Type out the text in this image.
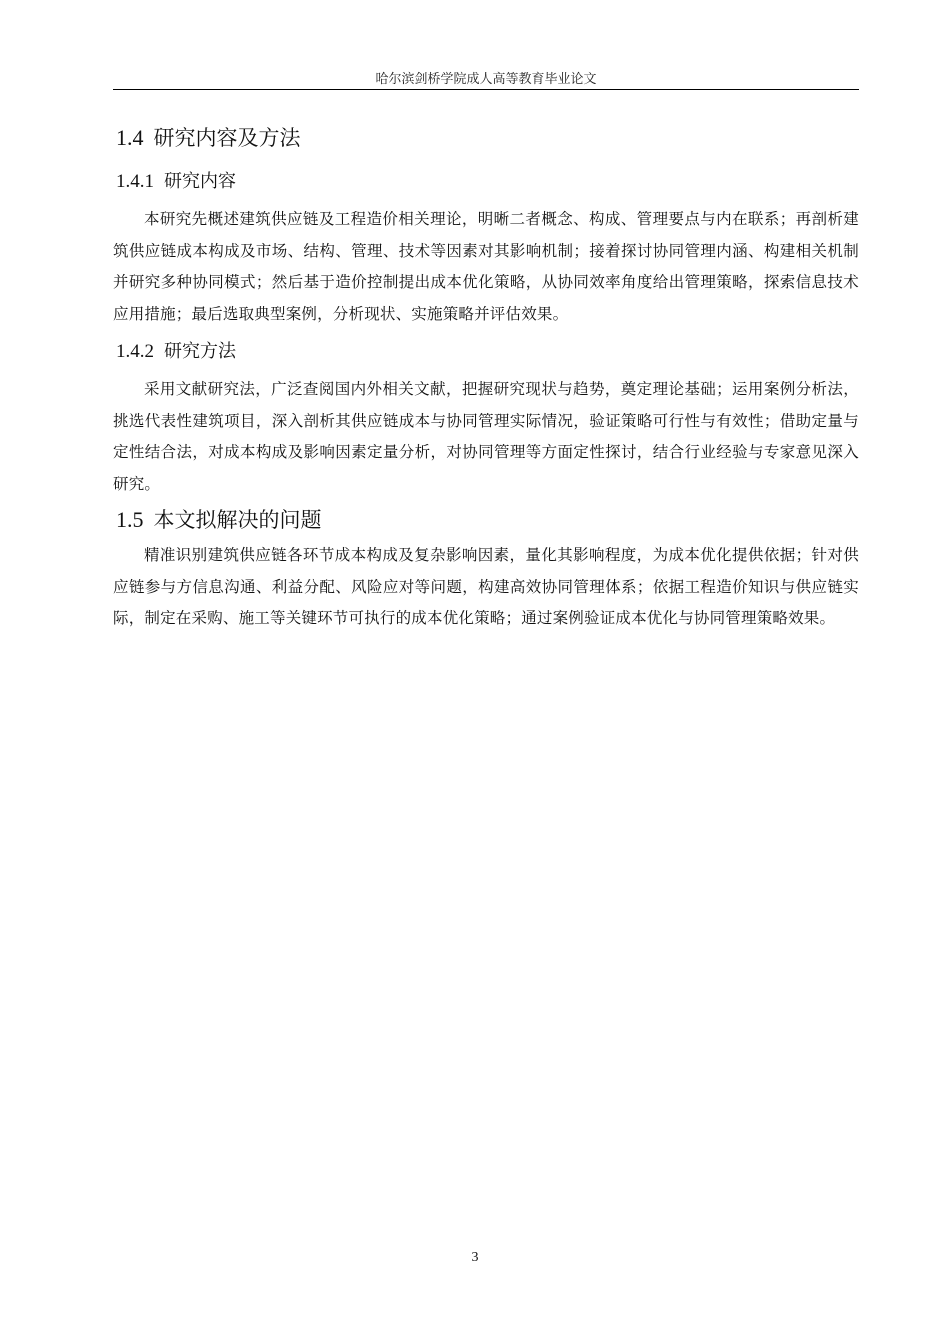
哈尔滨剑桥学院成人高等教育毕业论文
1.4 研究内容及方法
1.4.1 研究内容

本研究先概述建筑供应链及工程造价相关理论，明晰二者概念、构成、管理要点与内在联系；再剖析建筑供应链成本构成及市场、结构、管理、技术等因素对其影响机制；接着探讨协同管理内涵、构建相关机制并研究多种协同模式；然后基于造价控制提出成本优化策略，从协同效率角度给出管理策略，探索信息技术应用措施；最后选取典型案例，分析现状、实施策略并评估效果。

1.4.2 研究方法

采用文献研究法，广泛查阅国内外相关文献，把握研究现状与趋势，奠定理论基础；运用案例分析法，挑选代表性建筑项目，深入剖析其供应链成本与协同管理实际情况，验证策略可行性与有效性；借助定量与定性结合法，对成本构成及影响因素定量分析，对协同管理等方面定性探讨，结合行业经验与专家意见深入研究。

1.5 本文拟解决的问题

精准识别建筑供应链各环节成本构成及复杂影响因素，量化其影响程度，为成本优化提供依据；针对供应链参与方信息沟通、利益分配、风险应对等问题，构建高效协同管理体系；依据工程造价知识与供应链实际，制定在采购、施工等关键环节可执行的成本优化策略；通过案例验证成本优化与协同管理策略效果。

3
